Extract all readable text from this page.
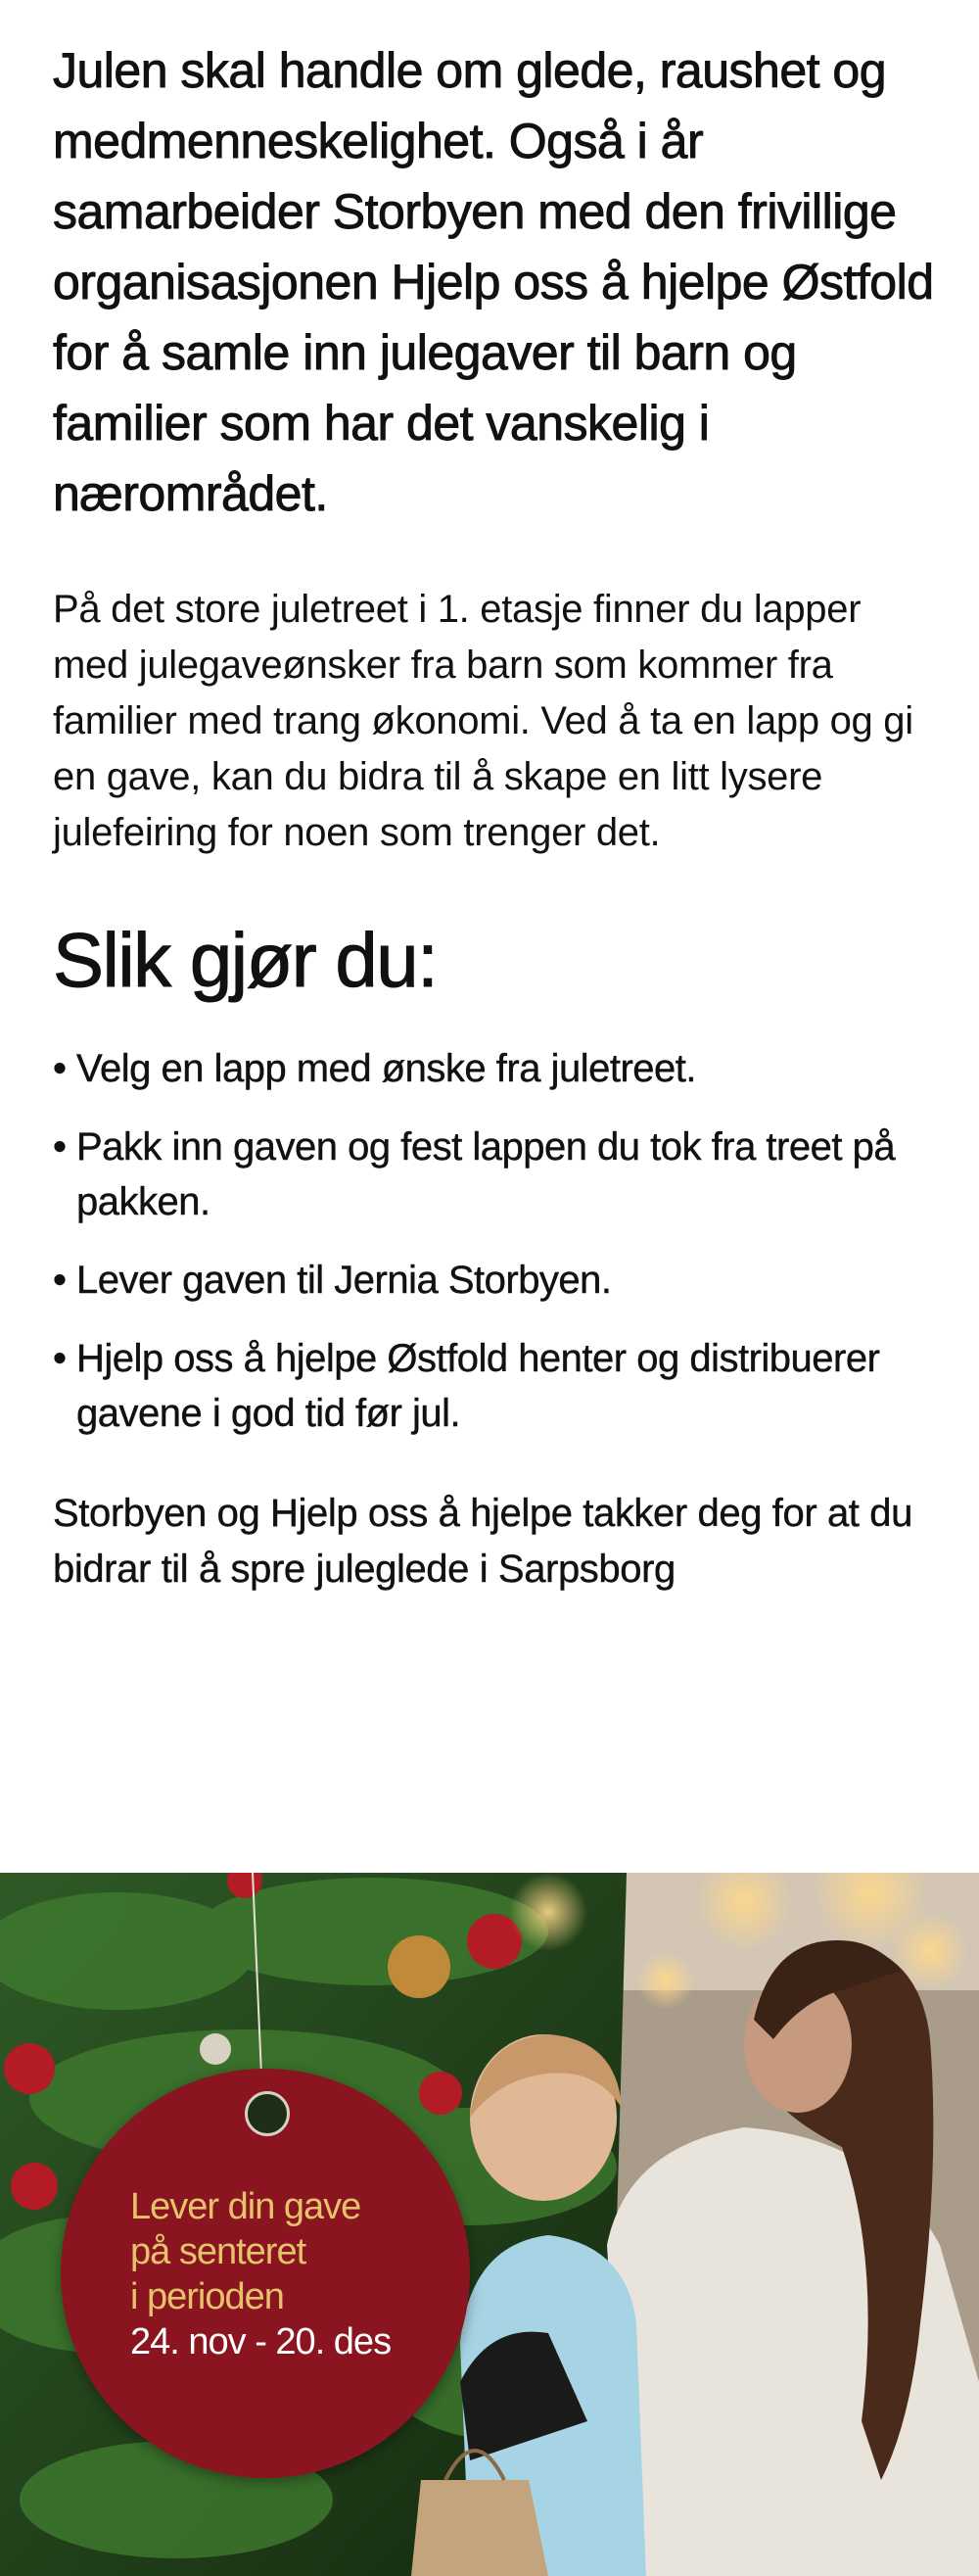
Julen skal handle om glede, raushet og medmenneskelighet. Også i år samarbeider Storbyen med den frivillige organisasjonen Hjelp oss å hjelpe Østfold for å samle inn julegaver til barn og familier som har det vanskelig i nærområdet.

På det store juletreet i 1. etasje finner du lapper med julegaveønsker fra barn som kommer fra familier med trang økonomi. Ved å ta en lapp og gi en gave, kan du bidra til å skape en litt lysere julefeiring for noen som trenger det.

Slik gjør du:
• Velg en lapp med ønske fra juletreet.
• Pakk inn gaven og fest lappen du tok fra treet på pakken.
• Lever gaven til Jernia Storbyen.
• Hjelp oss å hjelpe Østfold henter og distribuerer gavene i god tid før jul.

Storbyen og Hjelp oss å hjelpe takker deg for at du bidrar til å spre juleglede i Sarpsborg

Lever din gave
på senteret
i perioden
24. nov - 20. des
